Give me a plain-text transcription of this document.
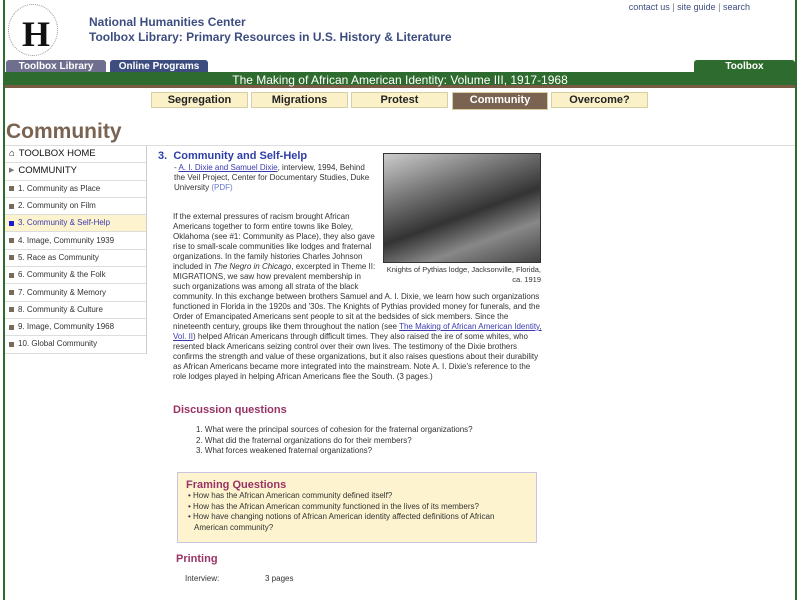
H	National Humanities Center
Toolbox Library: Primary Resources in U.S. History & Literature
contact us | site guide | search
Toolbox Library	Online Programs	Toolbox
The Making of African American Identity: Volume III, 1917-1968
Segregation	Migrations	Protest	Community	Overcome?
Community
⌂ TOOLBOX HOME
▶ COMMUNITY
1. Community as Place
2. Community on Film
3. Community & Self-Help
4. Image, Community 1939
5. Race as Community
6. Community & the Folk
7. Community & Memory
8. Community & Culture
9. Image, Community 1968
10. Global Community
3. Community and Self-Help
- A. I. Dixie and Samuel Dixie, interview, 1994, Behind the Veil Project, Center for Documentary Studies, Duke University (PDF)
Knights of Pythias lodge, Jacksonville, Florida, ca. 1919
If the external pressures of racism brought African Americans together to form entire towns like Boley, Oklahoma (see #1: Community as Place), they also gave rise to small-scale communities like lodges and fraternal organizations. In the family histories Charles Johnson included in The Negro in Chicago, excerpted in Theme II: MIGRATIONS, we saw how prevalent membership in such organizations was among all strata of the black
community. In this exchange between brothers Samuel and A. I. Dixie, we learn how such organizations functioned in Florida in the 1920s and '30s. The Knights of Pythias provided money for funerals, and the Order of Emancipated Americans sent people to sit at the bedsides of sick members. Since the nineteenth century, groups like them throughout the nation (see The Making of African American Identity, Vol. II) helped African Americans through difficult times. They also raised the ire of some whites, who resented black Americans seizing control over their own lives. The testimony of the Dixie brothers confirms the strength and value of these organizations, but it also raises questions about their durability as African Americans became more integrated into the mainstream. Note A. I. Dixie's reference to the role lodges played in helping African Americans flee the South. (3 pages.)
Discussion questions
1. What were the principal sources of cohesion for the fraternal organizations?
2. What did the fraternal organizations do for their members?
3. What forces weakened fraternal organizations?
Framing Questions
• How has the African American community defined itself?
• How has the African American community functioned in the lives of its members?
• How have changing notions of African American identity affected definitions of African American community?
Printing
Interview:	3 pages
